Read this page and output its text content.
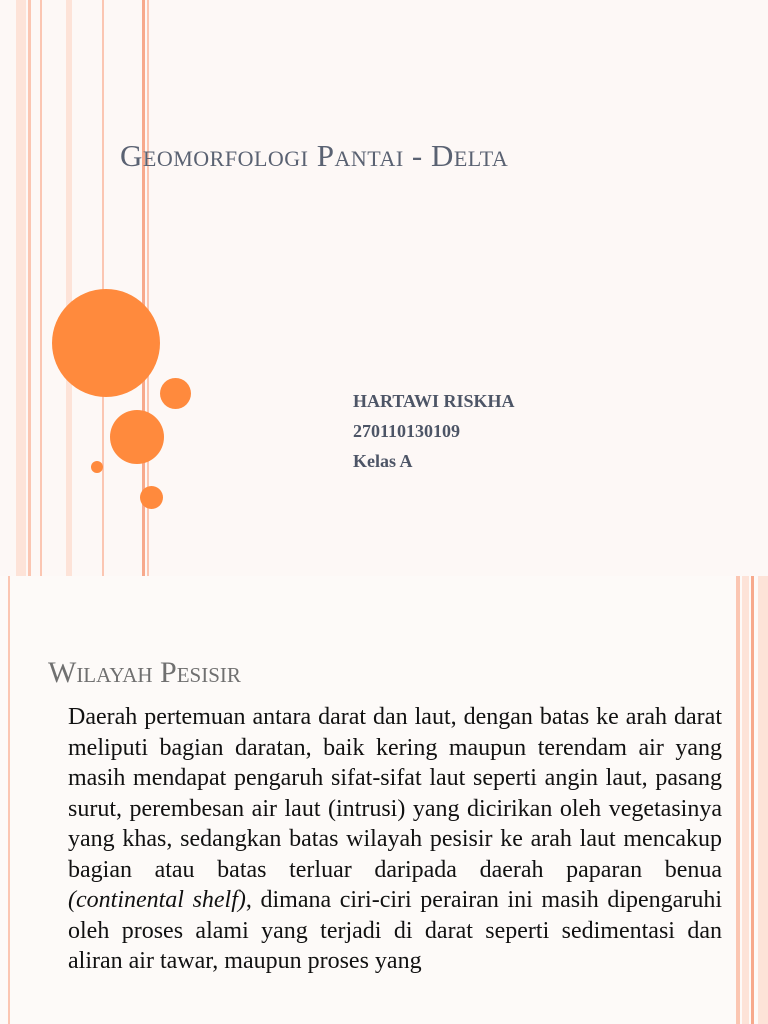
Geomorfologi Pantai - Delta
HARTAWI RISKHA
270110130109
Kelas A
Wilayah Pesisir
Daerah pertemuan antara darat dan laut, dengan batas ke arah darat meliputi bagian daratan, baik kering maupun terendam air yang masih mendapat pengaruh sifat-sifat laut seperti angin laut, pasang surut, perembesan air laut (intrusi) yang dicirikan oleh vegetasinya yang khas, sedangkan batas wilayah pesisir ke arah laut mencakup bagian atau batas terluar daripada daerah paparan benua (continental shelf), dimana ciri-ciri perairan ini masih dipengaruhi oleh proses alami yang terjadi di darat seperti sedimentasi dan aliran air tawar, maupun proses yang
